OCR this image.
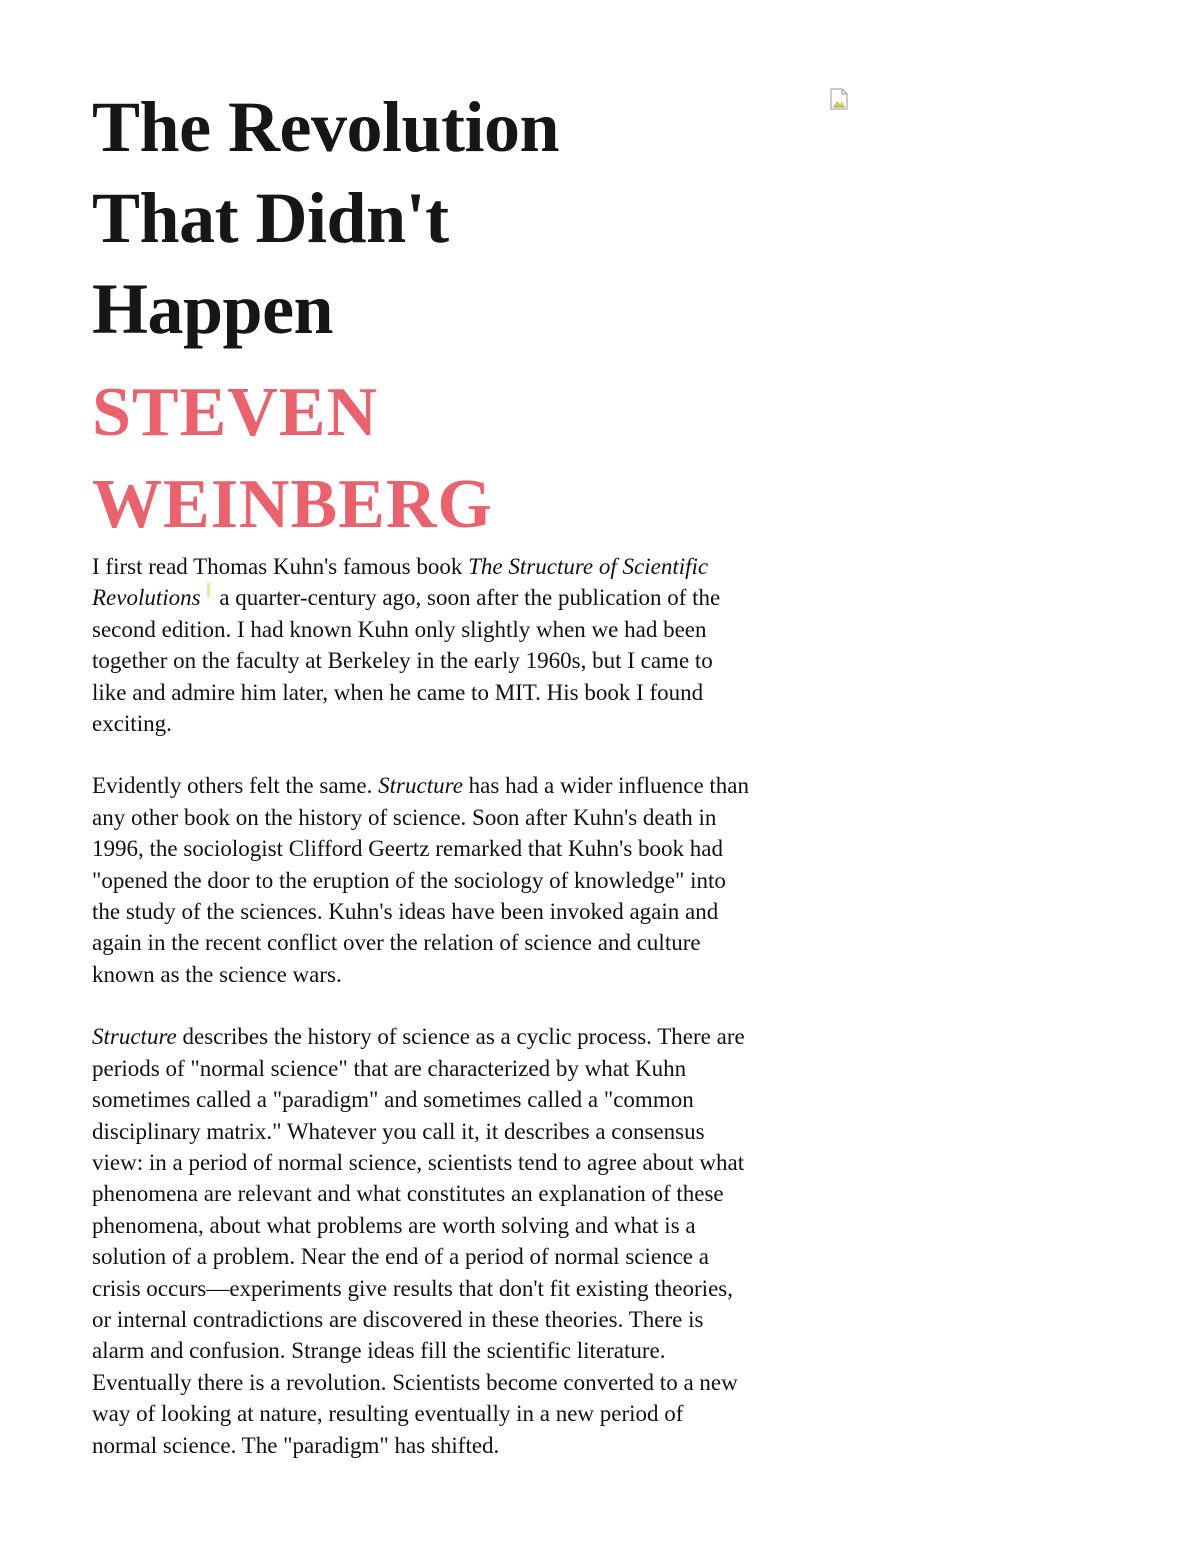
The Revolution
That Didn't
Happen
STEVEN
WEINBERG

I first read Thomas Kuhn's famous book The Structure of Scientific Revolutions a quarter-century ago, soon after the publication of the second edition. I had known Kuhn only slightly when we had been together on the faculty at Berkeley in the early 1960s, but I came to like and admire him later, when he came to MIT. His book I found exciting.

Evidently others felt the same. Structure has had a wider influence than any other book on the history of science. Soon after Kuhn's death in 1996, the sociologist Clifford Geertz remarked that Kuhn's book had "opened the door to the eruption of the sociology of knowledge" into the study of the sciences. Kuhn's ideas have been invoked again and again in the recent conflict over the relation of science and culture known as the science wars.

Structure describes the history of science as a cyclic process. There are periods of "normal science" that are characterized by what Kuhn sometimes called a "paradigm" and sometimes called a "common disciplinary matrix." Whatever you call it, it describes a consensus view: in a period of normal science, scientists tend to agree about what phenomena are relevant and what constitutes an explanation of these phenomena, about what problems are worth solving and what is a solution of a problem. Near the end of a period of normal science a crisis occurs—experiments give results that don't fit existing theories, or internal contradictions are discovered in these theories. There is alarm and confusion. Strange ideas fill the scientific literature. Eventually there is a revolution. Scientists become converted to a new way of looking at nature, resulting eventually in a new period of normal science. The "paradigm" has shifted.
